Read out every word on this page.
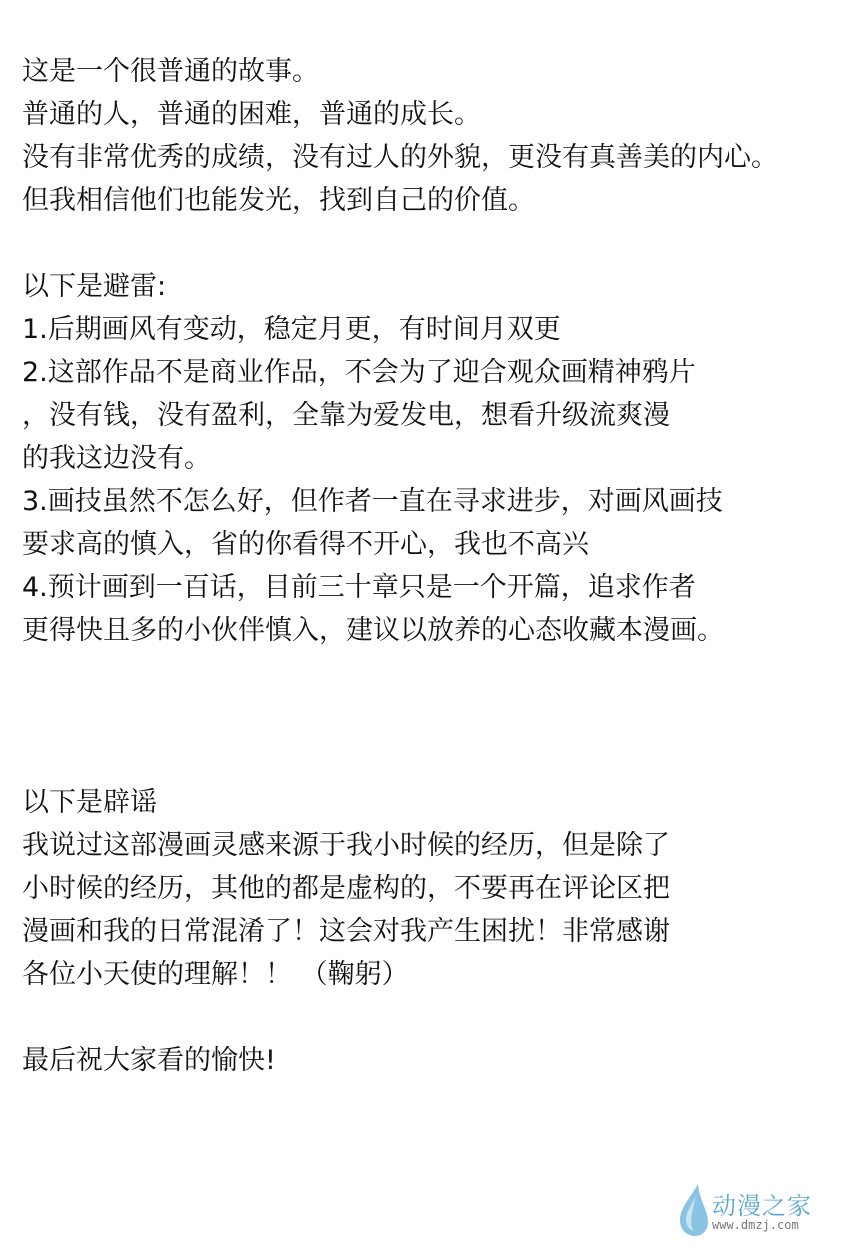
这是一个很普通的故事。
普通的人，普通的困难，普通的成长。
没有非常优秀的成绩，没有过人的外貌，更没有真善美的内心。
但我相信他们也能发光，找到自己的价值。
以下是避雷:
1.后期画风有变动，稳定月更，有时间月双更
2.这部作品不是商业作品，不会为了迎合观众画精神鸦片
，没有钱，没有盈利，全靠为爱发电，想看升级流爽漫
的我这边没有。
3.画技虽然不怎么好，但作者一直在寻求进步，对画风画技
要求高的慎入，省的你看得不开心，我也不高兴
4.预计画到一百话，目前三十章只是一个开篇，追求作者
更得快且多的小伙伴慎入，建议以放养的心态收藏本漫画。
以下是辟谣
我说过这部漫画灵感来源于我小时候的经历，但是除了
小时候的经历，其他的都是虚构的，不要再在评论区把
漫画和我的日常混淆了！这会对我产生困扰！非常感谢
各位小天使的理解！！ （鞠躬）
最后祝大家看的愉快!
动漫之家
www.dmzj.com
